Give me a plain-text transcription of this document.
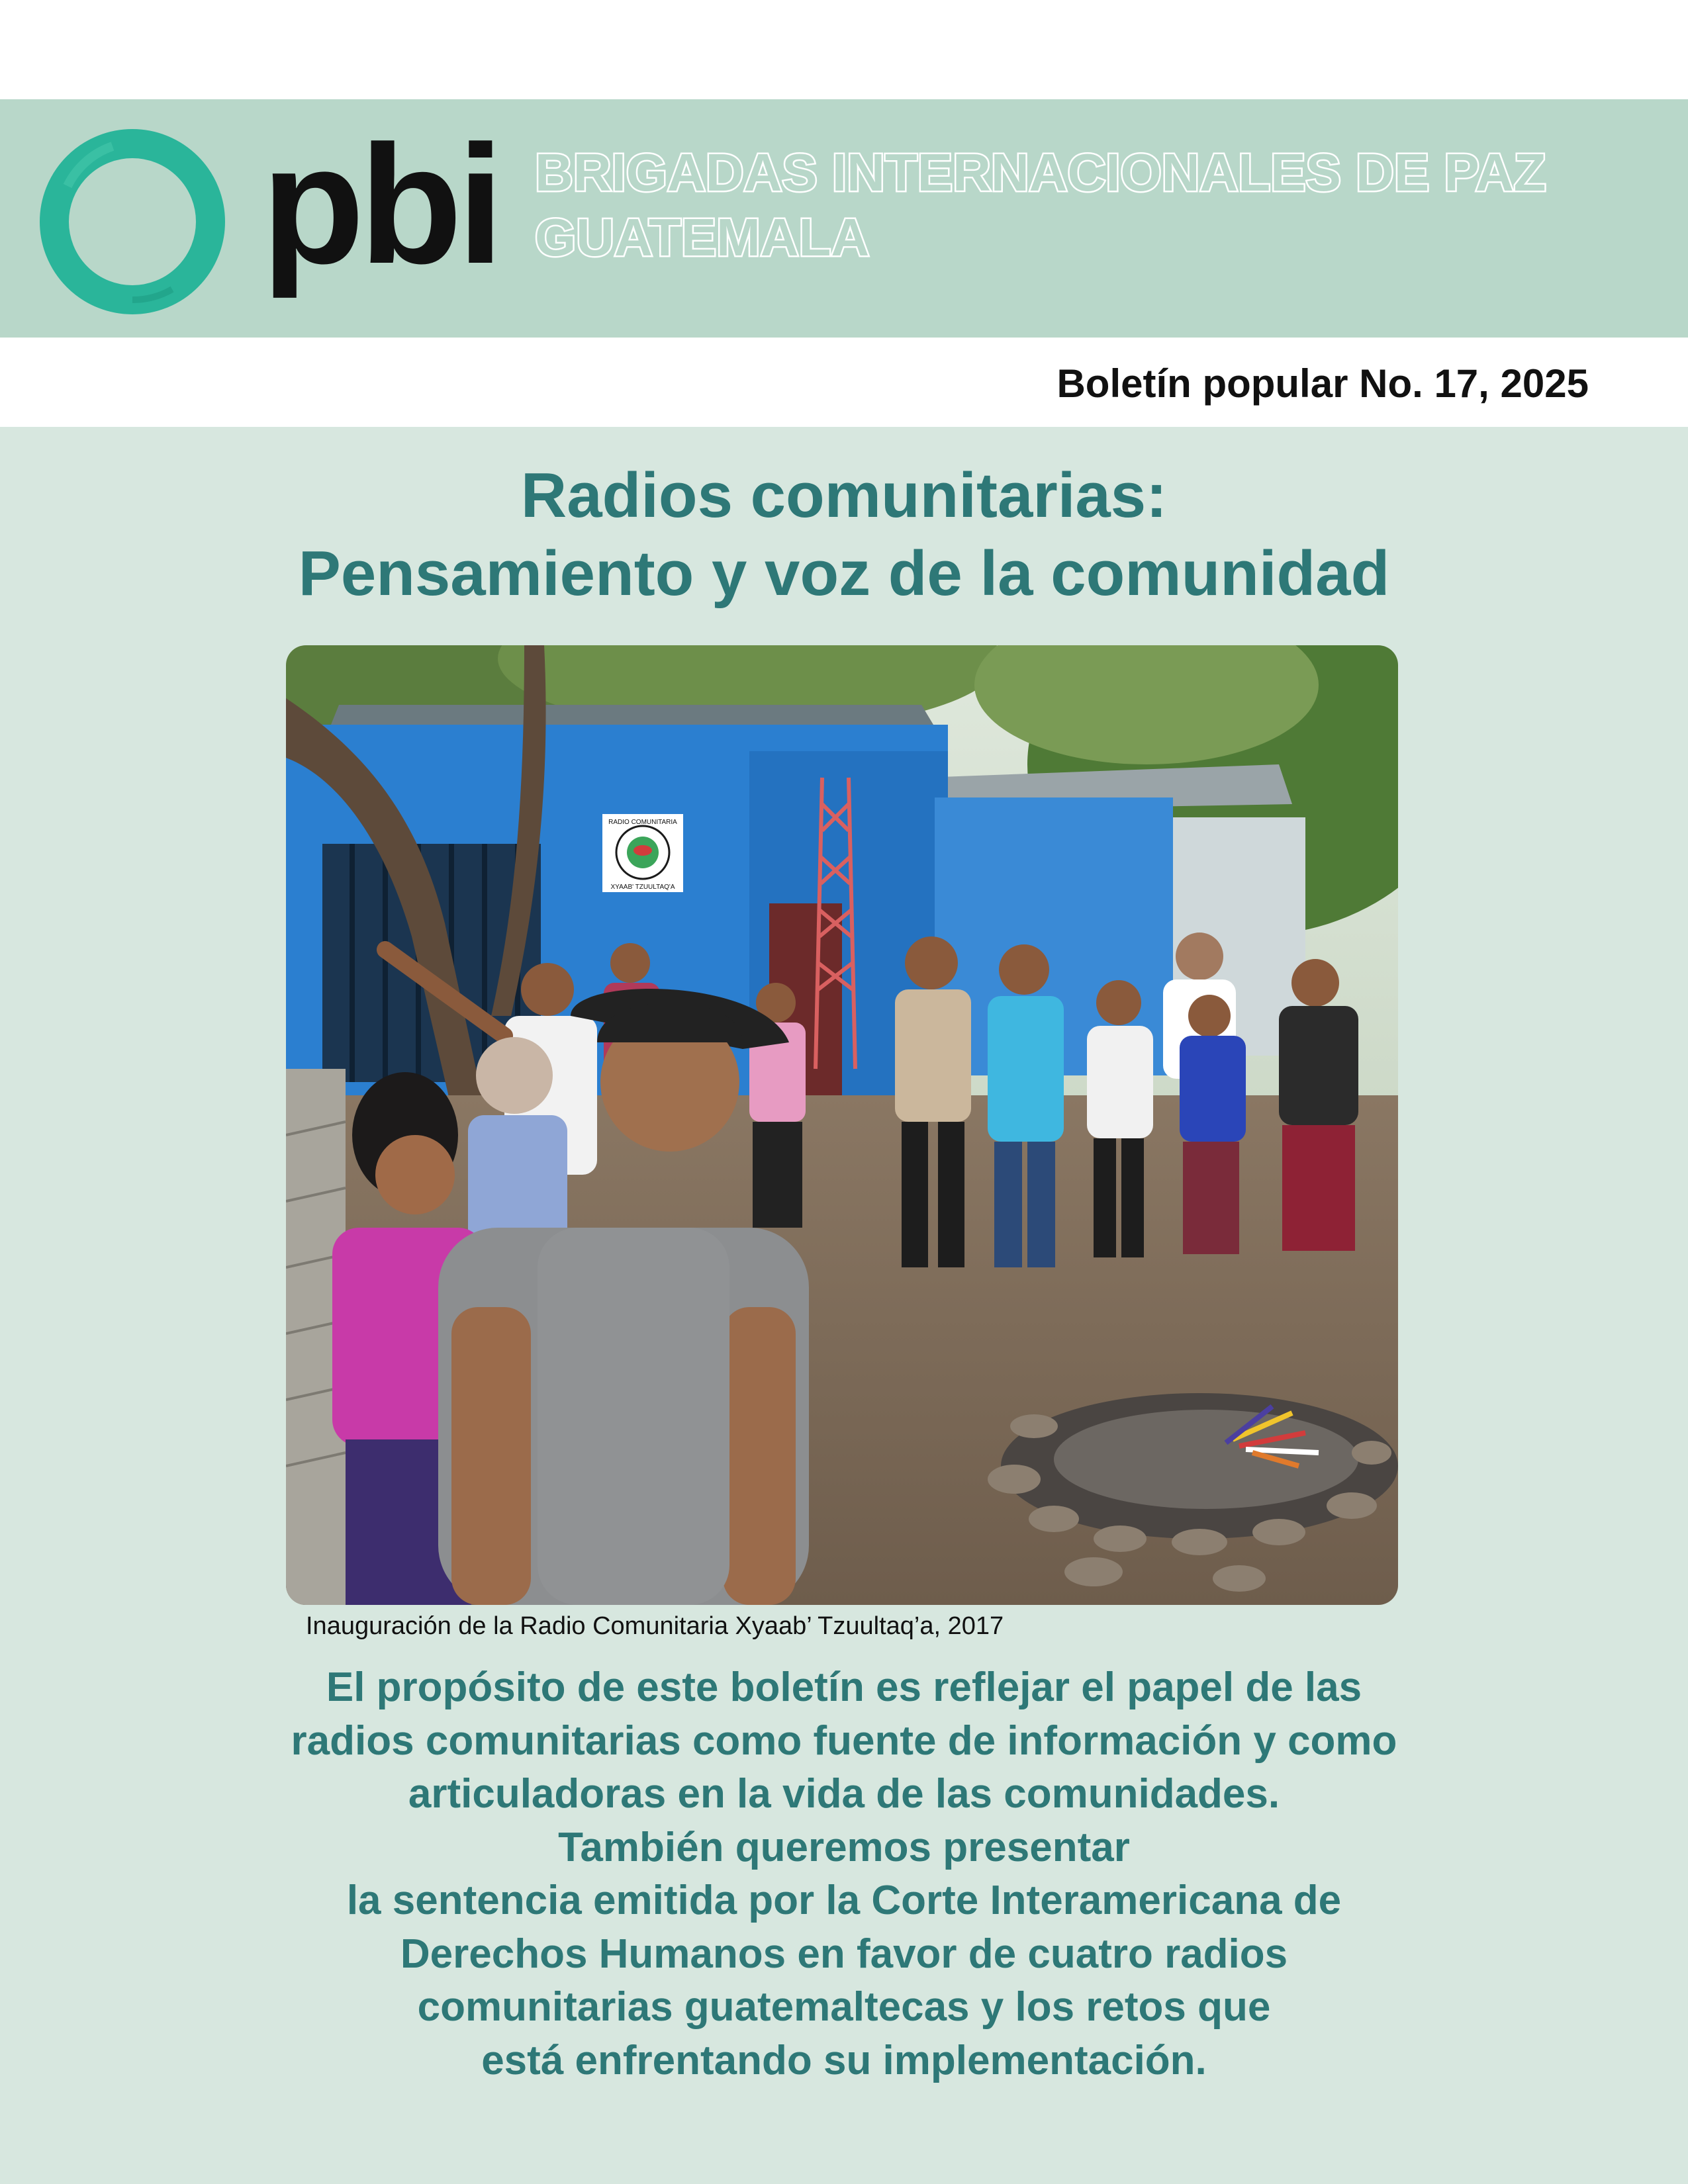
pbi BRIGADAS INTERNACIONALES DE PAZ
GUATEMALA
Boletín popular No. 17, 2025
Radios comunitarias:
Pensamiento y voz de la comunidad
RADIO COMUNITARIA
XYAAB' TZUULTAQ'A
Inauguración de la Radio Comunitaria Xyaab’ Tzuultaq’a, 2017
El propósito de este boletín es reflejar el papel de las
radios comunitarias como fuente de información y como
articuladoras en la vida de las comunidades.
También queremos presentar
la sentencia emitida por la Corte Interamericana de
Derechos Humanos en favor de cuatro radios
comunitarias guatemaltecas y los retos que
está enfrentando su implementación.
